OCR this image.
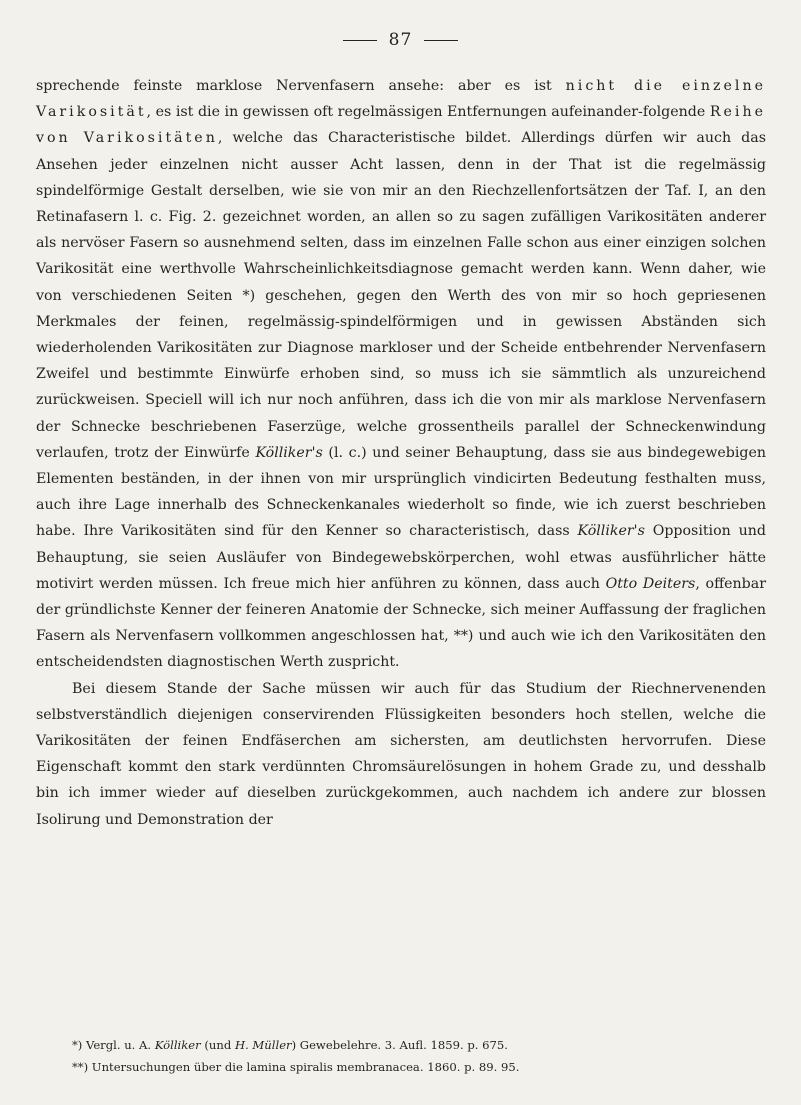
87

sprechende feinste marklose Nervenfasern ansehe: aber es ist nicht die einzelne Varikosität, es ist die in gewissen oft regelmässigen Entfernungen aufeinander-folgende Reihe von Varikositäten, welche das Characteristische bildet. Allerdings dürfen wir auch das Ansehen jeder einzelnen nicht ausser Acht lassen, denn in der That ist die regelmässig spindelförmige Gestalt derselben, wie sie von mir an den Riechzellenfortsätzen der Taf. I, an den Retinafasern l. c. Fig. 2. gezeichnet worden, an allen so zu sagen zufälligen Varikositäten anderer als nervöser Fasern so ausnehmend selten, dass im einzelnen Falle schon aus einer einzigen solchen Varikosität eine werthvolle Wahrscheinlichkeitsdiagnose gemacht werden kann. Wenn daher, wie von verschiedenen Seiten *) geschehen, gegen den Werth des von mir so hoch gepriesenen Merkmales der feinen, regelmässig-spindelförmigen und in gewissen Abständen sich wiederholenden Varikositäten zur Diagnose markloser und der Scheide entbehrender Nervenfasern Zweifel und bestimmte Einwürfe erhoben sind, so muss ich sie sämmtlich als unzureichend zurückweisen. Speciell will ich nur noch anführen, dass ich die von mir als marklose Nervenfasern der Schnecke beschriebenen Faserzüge, welche grossentheils parallel der Schneckenwindung verlaufen, trotz der Einwürfe Kölliker's (l. c.) und seiner Behauptung, dass sie aus bindegewebigen Elementen beständen, in der ihnen von mir ursprünglich vindicirten Bedeutung festhalten muss, auch ihre Lage innerhalb des Schneckenkanales wiederholt so finde, wie ich zuerst beschrieben habe. Ihre Varikositäten sind für den Kenner so characteristisch, dass Kölliker's Opposition und Behauptung, sie seien Ausläufer von Bindegewebskörperchen, wohl etwas ausführlicher hätte motivirt werden müssen. Ich freue mich hier anführen zu können, dass auch Otto Deiters, offenbar der gründlichste Kenner der feineren Anatomie der Schnecke, sich meiner Auffassung der fraglichen Fasern als Nervenfasern vollkommen angeschlossen hat, **) und auch wie ich den Varikositäten den entscheidendsten diagnostischen Werth zuspricht.

Bei diesem Stande der Sache müssen wir auch für das Studium der Riechnervenenden selbstverständlich diejenigen conservirenden Flüssigkeiten besonders hoch stellen, welche die Varikositäten der feinen Endfäserchen am sichersten, am deutlichsten hervorrufen. Diese Eigenschaft kommt den stark verdünnten Chromsäurelösungen in hohem Grade zu, und desshalb bin ich immer wieder auf dieselben zurückgekommen, auch nachdem ich andere zur blossen Isolirung und Demonstration der

*) Vergl. u. A. Kölliker (und H. Müller) Gewebelehre. 3. Aufl. 1859. p. 675.
**) Untersuchungen über die lamina spiralis membranacea. 1860. p. 89. 95.
